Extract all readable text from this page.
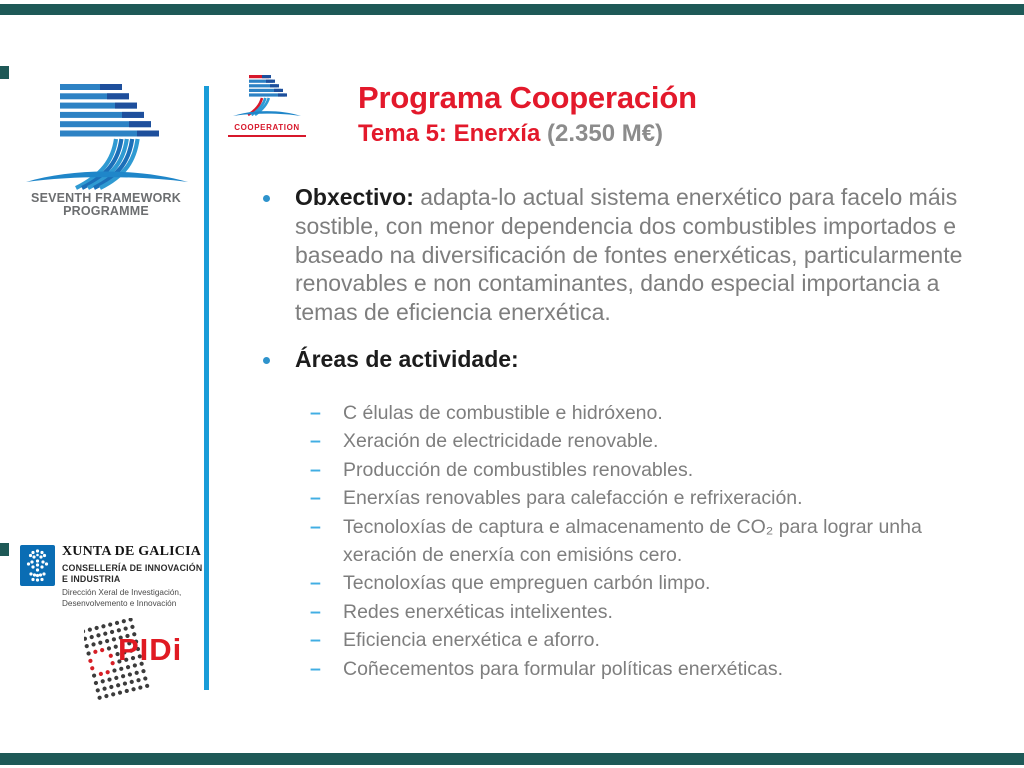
SEVENTH FRAMEWORK
PROGRAMME
COOPERATION
Programa Cooperación
Tema 5: Enerxía (2.350 M€)

Obxectivo: adapta-lo actual sistema enerxético para facelo máis sostible, con menor dependencia dos combustibles importados e baseado na diversificación de fontes enerxéticas, particularmente renovables e non contaminantes, dando especial importancia a temas de eficiencia enerxética.

Áreas de actividade:

– C élulas de combustible e hidróxeno.
– Xeración de electricidade renovable.
– Producción de combustibles renovables.
– Enerxías renovables para calefacción e refrixeración.
– Tecnoloxías de captura e almacenamento de CO₂ para lograr unha xeración de enerxía con emisións cero.
– Tecnoloxías que empreguen carbón limpo.
– Redes enerxéticas intelixentes.
– Eficiencia enerxética e aforro.
– Coñecementos para formular políticas enerxéticas.
XUNTA DE GALICIA
CONSELLERÍA DE INNOVACIÓN
E INDUSTRIA
Dirección Xeral de Investigación,
Desenvolvemento e Innovación
PIDi
